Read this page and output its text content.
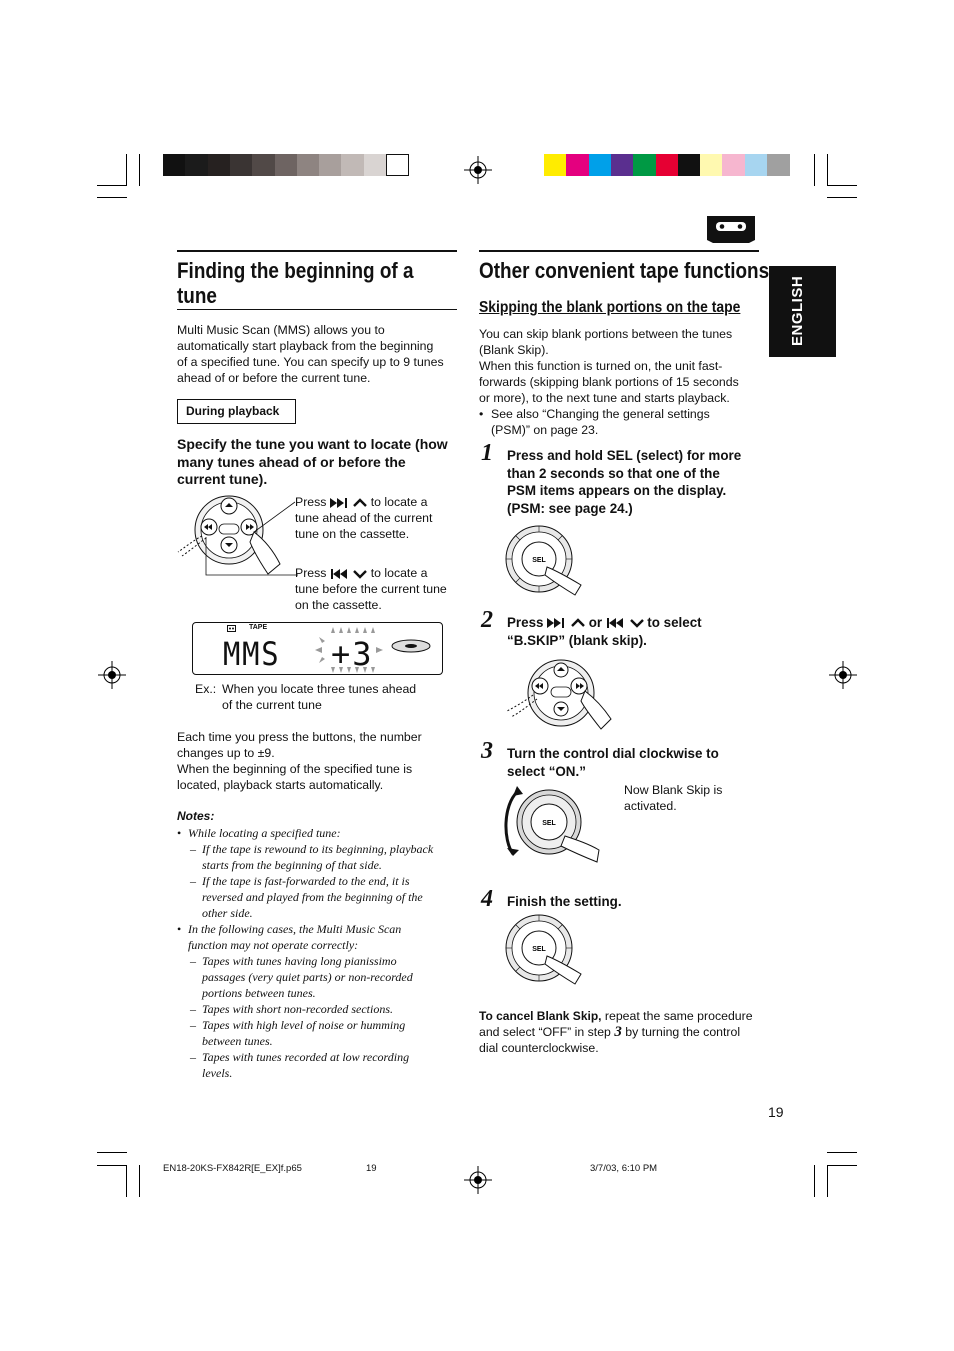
ENGLISH
Finding the beginning of a
tune
Multi Music Scan (MMS) allows you to
automatically start playback from the beginning
of a specified tune. You can specify up to 9 tunes
ahead of or before the current tune.
During playback
Specify the tune you want to locate (how
many tunes ahead of or before the
current tune).
Press	to locate a
tune ahead of the current
tune on the cassette.
Press	to locate a
tune before the current tune
on the cassette.
TAPE
MMS +3
Ex.: When you locate three tunes ahead
of the current tune
Each time you press the buttons, the number
changes up to ±9.
When the beginning of the specified tune is
located, playback starts automatically.
Notes:
• While locating a specified tune:
– If the tape is rewound to its beginning, playback
starts from the beginning of that side.
– If the tape is fast-forwarded to the end, it is
reversed and played from the beginning of the
other side.
• In the following cases, the Multi Music Scan
function may not operate correctly:
– Tapes with tunes having long pianissimo
passages (very quiet parts) or non-recorded
portions between tunes.
– Tapes with short non-recorded sections.
– Tapes with high level of noise or humming
between tunes.
– Tapes with tunes recorded at low recording
levels.
Other convenient tape functions
Skipping the blank portions on the tape
You can skip blank portions between the tunes
(Blank Skip).
When this function is turned on, the unit fast-
forwards (skipping blank portions of 15 seconds
or more), to the next tune and starts playback.
• See also “Changing the general settings
(PSM)” on page 23.
1 Press and hold SEL (select) for more
than 2 seconds so that one of the
PSM items appears on the display.
(PSM: see page 24.)
SEL
2 Press	or	to select
“B.SKIP” (blank skip).
3 Turn the control dial clockwise to
select “ON.”
SEL
Now Blank Skip is
activated.
4 Finish the setting.
SEL
To cancel Blank Skip, repeat the same procedure
and select “OFF” in step 3 by turning the control
dial counterclockwise.
19
EN18-20KS-FX842R[E_EX]f.p65	19	3/7/03, 6:10 PM
